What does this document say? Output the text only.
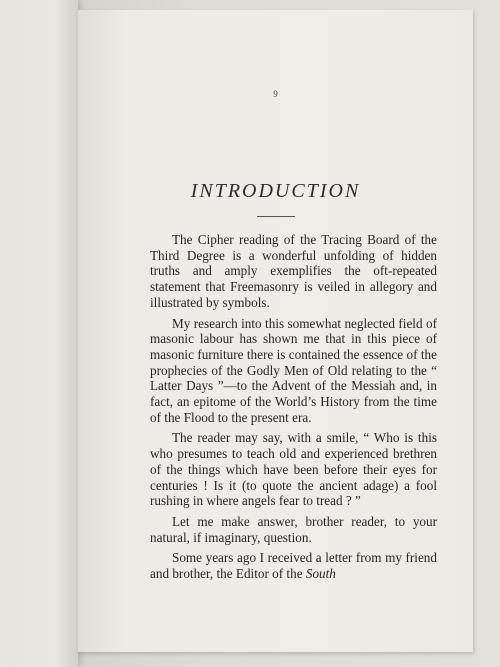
9
INTRODUCTION

The Cipher reading of the Tracing Board of the Third Degree is a wonderful unfolding of hidden truths and amply exemplifies the oft-repeated statement that Freemasonry is veiled in allegory and illustrated by symbols.

My research into this somewhat neglected field of masonic labour has shown me that in this piece of masonic furniture there is contained the essence of the prophecies of the Godly Men of Old relating to the “ Latter Days ”—to the Advent of the Messiah and, in fact, an epitome of the World’s History from the time of the Flood to the present era.

The reader may say, with a smile, “ Who is this who presumes to teach old and experienced brethren of the things which have been before their eyes for centuries ! Is it (to quote the ancient adage) a fool rushing in where angels fear to tread ? ”

Let me make answer, brother reader, to your natural, if imaginary, question.

Some years ago I received a letter from my friend and brother, the Editor of the South
